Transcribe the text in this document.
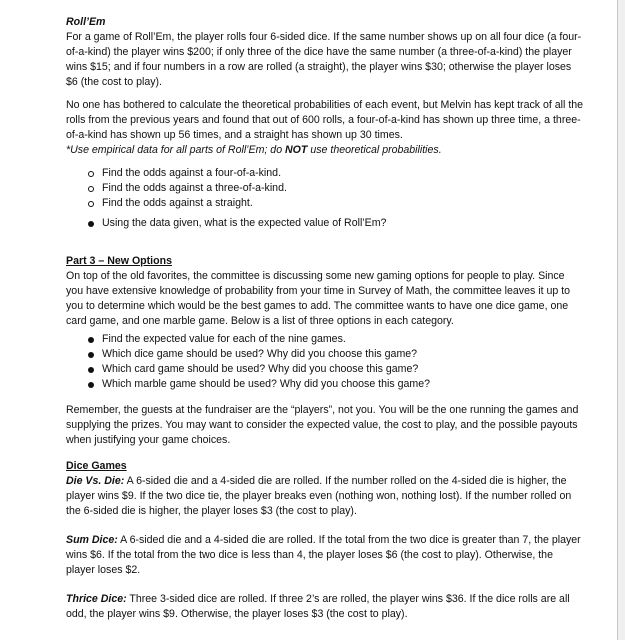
Roll’Em

For a game of Roll’Em, the player rolls four 6-sided dice. If the same number shows up on all four dice (a four-of-a-kind) the player wins $200; if only three of the dice have the same number (a three-of-a-kind) the player wins $15; and if four numbers in a row are rolled (a straight), the player wins $30; otherwise the player loses $6 (the cost to play).

No one has bothered to calculate the theoretical probabilities of each event, but Melvin has kept track of all the rolls from the previous years and found that out of 600 rolls, a four-of-a-kind has shown up three time, a three-of-a-kind has shown up 56 times, and a straight has shown up 30 times.

*Use empirical data for all parts of Roll’Em; do NOT use theoretical probabilities.

Find the odds against a four-of-a-kind.
Find the odds against a three-of-a-kind.
Find the odds against a straight.
Using the data given, what is the expected value of Roll’Em?

Part 3 – New Options

On top of the old favorites, the committee is discussing some new gaming options for people to play. Since you have extensive knowledge of probability from your time in Survey of Math, the committee leaves it up to you to determine which would be the best games to add. The committee wants to have one dice game, one card game, and one marble game. Below is a list of three options in each category.

Find the expected value for each of the nine games.
Which dice game should be used? Why did you choose this game?
Which card game should be used? Why did you choose this game?
Which marble game should be used? Why did you choose this game?

Remember, the guests at the fundraiser are the “players”, not you. You will be the one running the games and supplying the prizes. You may want to consider the expected value, the cost to play, and the possible payouts when justifying your game choices.

Dice Games

Die Vs. Die: A 6-sided die and a 4-sided die are rolled. If the number rolled on the 4-sided die is higher, the player wins $9. If the two dice tie, the player breaks even (nothing won, nothing lost). If the number rolled on the 6-sided die is higher, the player loses $3 (the cost to play).

Sum Dice: A 6-sided die and a 4-sided die are rolled. If the total from the two dice is greater than 7, the player wins $6. If the total from the two dice is less than 4, the player loses $6 (the cost to play). Otherwise, the player loses $2.

Thrice Dice: Three 3-sided dice are rolled. If three 2’s are rolled, the player wins $36. If the dice rolls are all odd, the player wins $9. Otherwise, the player loses $3 (the cost to play).
